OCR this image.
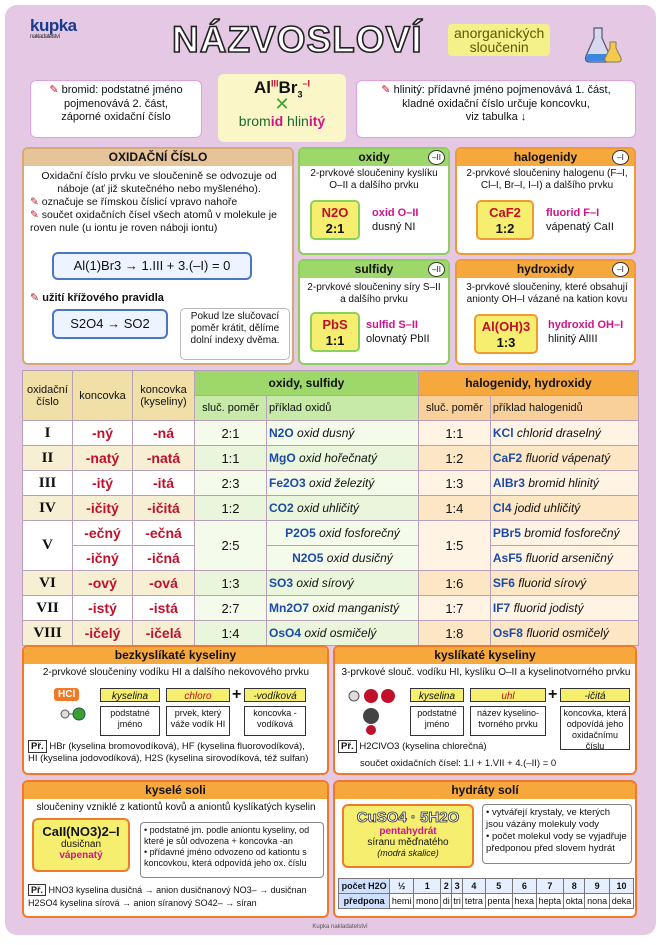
kupka
nakladatelství	NÁZVOSLOVÍ anorganických
sloučenin
✎ bromid: podstatné jméno
pojmenovává 2. část,
záporné oxidační číslo
$Al^{III}Br_3^{-I}$
✕
bromid hlinitý
✎ hlinitý: přídavné jméno pojmenovává 1. část,
kladné oxidační číslo určuje koncovku,
viz tabulka ↓
OXIDAČNÍ ČÍSLO
Oxidační číslo prvku ve sloučenině se odvozuje od náboje (ať již skutečného nebo myšleného).
✎ označuje se římskou číslicí vpravo nahoře
✎ součet oxidačních čísel všech atomů v molekule je roven nule (u iontu je roven náboji iontu)
Al(1)Br3 → 1.III + 3.(–I) = 0
✎ užití křížového pravidla
S2O4 → SO2	Pokud lze slučovací poměr krátit, dělíme dolní indexy dvěma.
oxidy	–II
2-prvkové sloučeniny kyslíku O–II a dalšího prvku
N2O
2:1
oxid O–II
dusný NI
halogenidy	–I
2-prvkové sloučeniny halogenu (F–I, Cl–I, Br–I, I–I) a dalšího prvku
CaF2
1:2
fluorid F–I
vápenatý CaII
sulfidy	–II
2-prvkové sloučeniny síry S–II a dalšího prvku
PbS
1:1
sulfid S–II
olovnatý PbII
hydroxidy	–I
3-prvkové sloučeniny, které obsahují anionty OH–I vázané na kation kovu
Al(OH)3
1:3
hydroxid OH–I
hlinitý AlIII
oxidační číslo	koncovka	koncovka (kyseliny)	oxidy, sulfidy		halogenidy, hydroxidy	
			sluč. poměr	příklad oxidů	sluč. poměr	příklad halogenidů
I	-ný	-ná	2:1	N2O oxid dusný	1:1	KCl chlorid draselný
II	-natý	-natá	1:1	MgO oxid hořečnatý	1:2	CaF2 fluorid vápenatý
III	-itý	-itá	2:3	Fe2O3 oxid železitý	1:3	AlBr3 bromid hlinitý
IV	-ičitý	-ičitá	1:2	CO2 oxid uhličitý	1:4	Cl4 jodid uhličitý
V	-ečný	-ečná	2:5	P2O5 oxid fosforečný	1:5	PBr5 bromid fosforečný
	-ičný	-ičná		N2O5 oxid dusičný		AsF5 fluorid arseničný
VI	-ový	-ová	1:3	SO3 oxid sírový	1:6	SF6 fluorid sírový
VII	-istý	-istá	2:7	Mn2O7 oxid manganistý	1:7	IF7 fluorid jodistý
VIII	-ičelý	-ičelá	1:4	OsO4 oxid osmičelý	1:8	OsF8 fluorid osmičelý
bezkyslíkaté kyseliny
2-prvkové sloučeniny vodíku HI a dalšího nekovového prvku
HCl	kyselina	chloro	+	-vodíková
podstatné jméno
prvek, který váže vodík HI
koncovka -vodíková
Př. HBr (kyselina bromovodíková), HF (kyselina fluorovodíková),
HI (kyselina jodovodíková), H2S (kyselina sirovodíková, též sulfan)
kyslíkaté kyseliny
3-prvkové slouč. vodíku HI, kyslíku O–II a kyselinotvorného prvku
kyselina	uhl	+	-ičitá
podstatné jméno
název kyselino-tvorného prvku
koncovka, která odpovídá jeho oxidačnímu číslu
Př. H2ClVO3 (kyselina chlorečná)
součet oxidačních čísel: 1.I + 1.VII + 4.(–II) = 0
kyselé soli
sloučeniny vzniklé z kationtů kovů a aniontů kyslíkatých kyselin
CaII(NO3)2–I
dusičnan
vápenatý
• podstatné jm. podle aniontu kyseliny, od které je sůl odvozena + koncovka -an
• přídavné jméno odvozeno od kationtu s koncovkou, která odpovídá jeho ox. číslu
Př. HNO3 kyselina dusičná → anion dusičnanový NO3– → dusičnan
H2SO4 kyselina sírová → anion síranový SO42– → síran
hydráty solí
CuSO4 · 5H2O
pentahydrát
síranu měďnatého
(modrá skalice)
• vytvářejí krystaly, ve kterých jsou vázány molekuly vody
• počet molekul vody se vyjadřuje předponou před slovem hydrát
počet H2O	½	1	2	3	4	5	6	7	8	9	10
předpona	hemi	mono	di	tri	tetra	penta	hexa	hepta	okta	nona	deka
Kupka nakladatelství
